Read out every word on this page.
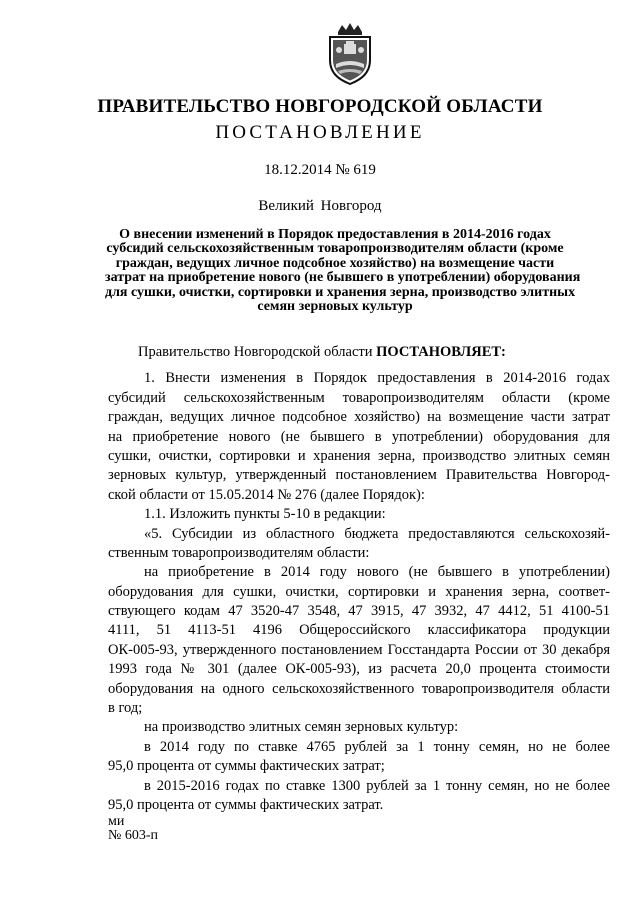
ПРАВИТЕЛЬСТВО НОВГОРОДСКОЙ ОБЛАСТИ
ПОСТАНОВЛЕНИЕ
18.12.2014 № 619
Великий Новгород
О внесении изменений в Порядок предоставления в 2014-2016 годах
субсидий сельскохозяйственным товаропроизводителям области (кроме
граждан, ведущих личное подсобное хозяйство) на возмещение части
затрат на приобретение нового (не бывшего в употреблении) оборудования
для сушки, очистки, сортировки и хранения зерна, производство элитных
семян зерновых культур
Правительство Новгородской области ПОСТАНОВЛЯЕТ:
1. Внести изменения в Порядок предоставления в 2014-2016 годах
субсидий сельскохозяйственным товаропроизводителям области (кроме
граждан, ведущих личное подсобное хозяйство) на возмещение части затрат
на приобретение нового (не бывшего в употреблении) оборудования для
сушки, очистки, сортировки и хранения зерна, производство элитных семян
зерновых культур, утвержденный постановлением Правительства Новгород-
ской области от 15.05.2014 № 276 (далее Порядок):
1.1. Изложить пункты 5-10 в редакции:
«5. Субсидии из областного бюджета предоставляются сельскохозяй-
ственным товаропроизводителям области:
на приобретение в 2014 году нового (не бывшего в употреблении)
оборудования для сушки, очистки, сортировки и хранения зерна, соответ-
ствующего кодам 47 3520-47 3548, 47 3915, 47 3932, 47 4412, 51 4100-51
4111, 51 4113-51 4196 Общероссийского классификатора продукции
ОК-005-93, утвержденного постановлением Госстандарта России от 30 декабря
1993 года № 301 (далее ОК-005-93), из расчета 20,0 процента стоимости
оборудования на одного сельскохозяйственного товаропроизводителя области
в год;
на производство элитных семян зерновых культур:
в 2014 году по ставке 4765 рублей за 1 тонну семян, но не более
95,0 процента от суммы фактических затрат;
в 2015-2016 годах по ставке 1300 рублей за 1 тонну семян, но не более
95,0 процента от суммы фактических затрат.
ми
№ 603-п
